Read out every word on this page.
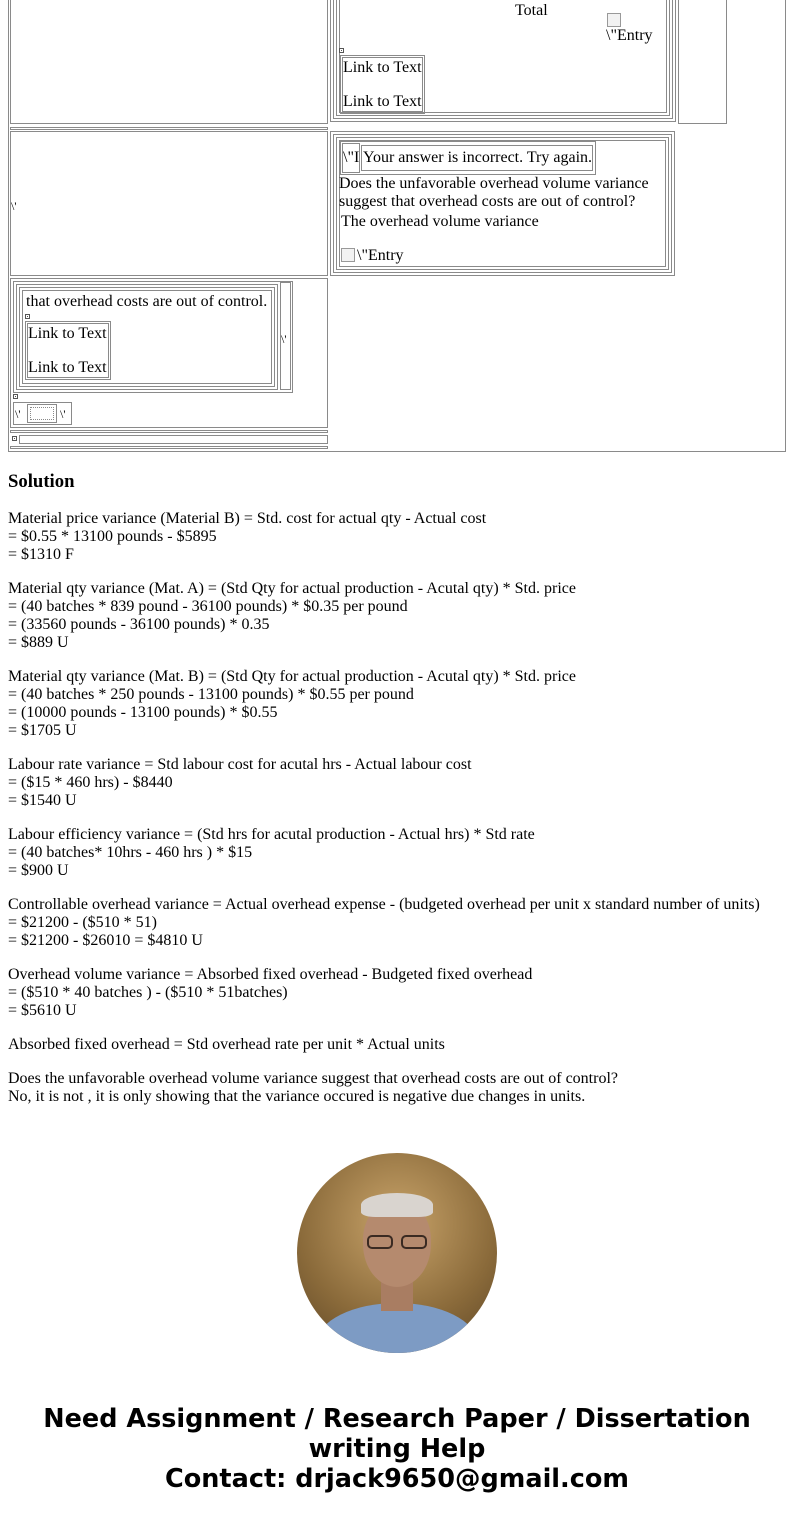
Total
\"Entry
Link to Text
Link to Text
\'
\"I Your answer is incorrect. Try again.
Does the unfavorable overhead volume variance suggest that overhead costs are out of control?
The overhead volume variance
\"Entry
\'
that overhead costs are out of control.
Link to Text
Link to Text
\'	\'
Solution

Material price variance (Material B) = Std. cost for actual qty - Actual cost
= $0.55 * 13100 pounds - $5895
= $1310 F

Material qty variance (Mat. A) = (Std Qty for actual production - Acutal qty) * Std. price
= (40 batches * 839 pound - 36100 pounds) * $0.35 per pound
= (33560 pounds - 36100 pounds) * 0.35
= $889 U

Material qty variance (Mat. B) = (Std Qty for actual production - Acutal qty) * Std. price
= (40 batches * 250 pounds - 13100 pounds) * $0.55 per pound
= (10000 pounds - 13100 pounds) * $0.55
= $1705 U

Labour rate variance = Std labour cost for acutal hrs - Actual labour cost
= ($15 * 460 hrs) - $8440
= $1540 U

Labour efficiency variance = (Std hrs for acutal production - Actual hrs) * Std rate
= (40 batches* 10hrs - 460 hrs ) * $15
= $900 U

Controllable overhead variance = Actual overhead expense - (budgeted overhead per unit x standard number of units)
= $21200 - ($510 * 51)
= $21200 - $26010 = $4810 U

Overhead volume variance = Absorbed fixed overhead - Budgeted fixed overhead
= ($510 * 40 batches ) - ($510 * 51batches)
= $5610 U

Absorbed fixed overhead = Std overhead rate per unit * Actual units

Does the unfavorable overhead volume variance suggest that overhead costs are out of control?
No, it is not , it is only showing that the variance occured is negative due changes in units.

Need Assignment / Research Paper / Dissertation
writing Help
Contact: drjack9650@gmail.com
